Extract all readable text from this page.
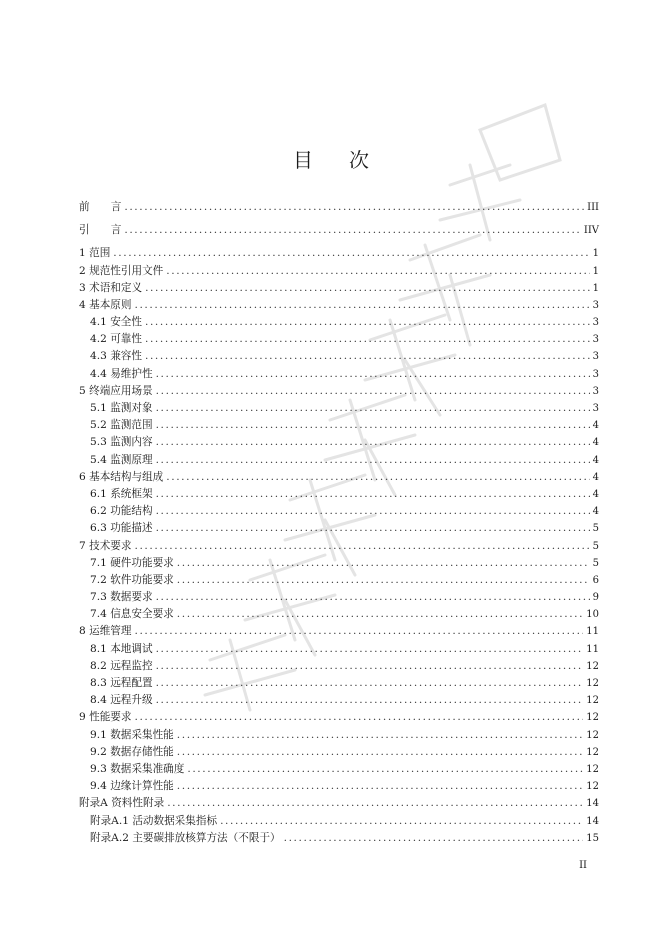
目 次
前　　言 .....	III
引　　言 .....	IIV
1 范围 .....	1
2 规范性引用文件 .....	1
3 术语和定义 .....	1
4 基本原则 .....	3
4.1 安全性 .....	3
4.2 可靠性 .....	3
4.3 兼容性 .....	3
4.4 易维护性 .....	3
5 终端应用场景 .....	3
5.1 监测对象 .....	3
5.2 监测范围 .....	4
5.3 监测内容 .....	4
5.4 监测原理 .....	4
6 基本结构与组成 .....	4
6.1 系统框架 .....	4
6.2 功能结构 .....	4
6.3 功能描述 .....	5
7 技术要求 .....	5
7.1 硬件功能要求 .....	5
7.2 软件功能要求 .....	6
7.3 数据要求 .....	9
7.4 信息安全要求 .....	10
8 运维管理 .....	11
8.1 本地调试 .....	11
8.2 远程监控 .....	12
8.3 远程配置 .....	12
8.4 远程升级 .....	12
9 性能要求 .....	12
9.1 数据采集性能 .....	12
9.2 数据存储性能 .....	12
9.3 数据采集准确度 .....	12
9.4 边缘计算性能 .....	12
附录A 资料性附录 .....	14
附录A.1 活动数据采集指标 .....	14
附录A.2 主要碳排放核算方法（不限于） .....	15
II
